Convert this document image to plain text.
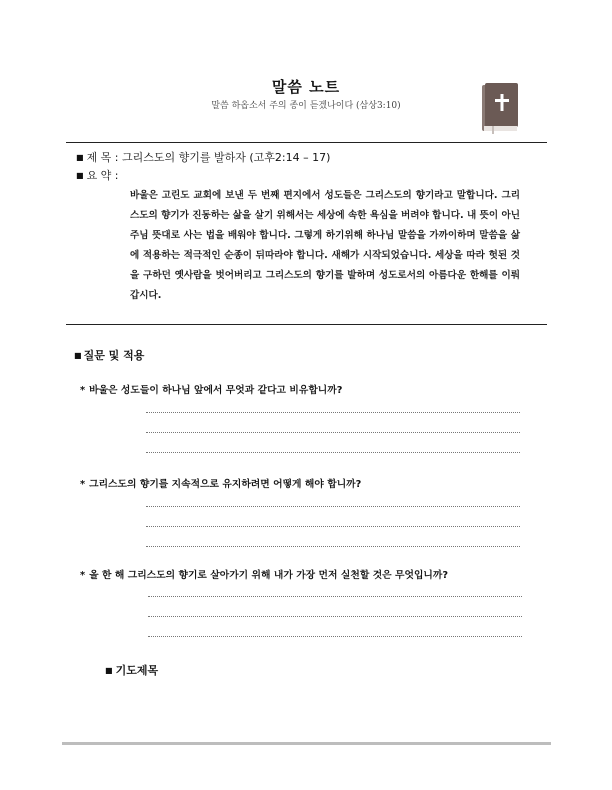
말씀 노트
말씀 하옵소서 주의 종이 듣겠나이다 (삼상3:10)
■ 제 목 : 그리스도의 향기를 발하자 (고후2:14 – 17)
■ 요 약 :
바울은 고린도 교회에 보낸 두 번째 편지에서 성도들은 그리스도의 향기라고 말합니다. 그리스도의 향기가 진동하는 삶을 살기 위해서는 세상에 속한 욕심을 버려야 합니다. 내 뜻이 아닌 주님 뜻대로 사는 법을 배워야 합니다. 그렇게 하기위해 하나님 말씀을 가까이하며 말씀을 삶에 적용하는 적극적인 순종이 뒤따라야 합니다. 새해가 시작되었습니다. 세상을 따라 헛된 것을 구하던 옛사람을 벗어버리고 그리스도의 향기를 발하며 성도로서의 아름다운 한해를 이뤄갑시다.
■ 질문 및 적용
* 바울은 성도들이 하나님 앞에서 무엇과 같다고 비유합니까?
* 그리스도의 향기를 지속적으로 유지하려면 어떻게 해야 합니까?
* 올 한 해 그리스도의 향기로 살아가기 위해 내가 가장 먼저 실천할 것은 무엇입니까?
■ 기도제목
